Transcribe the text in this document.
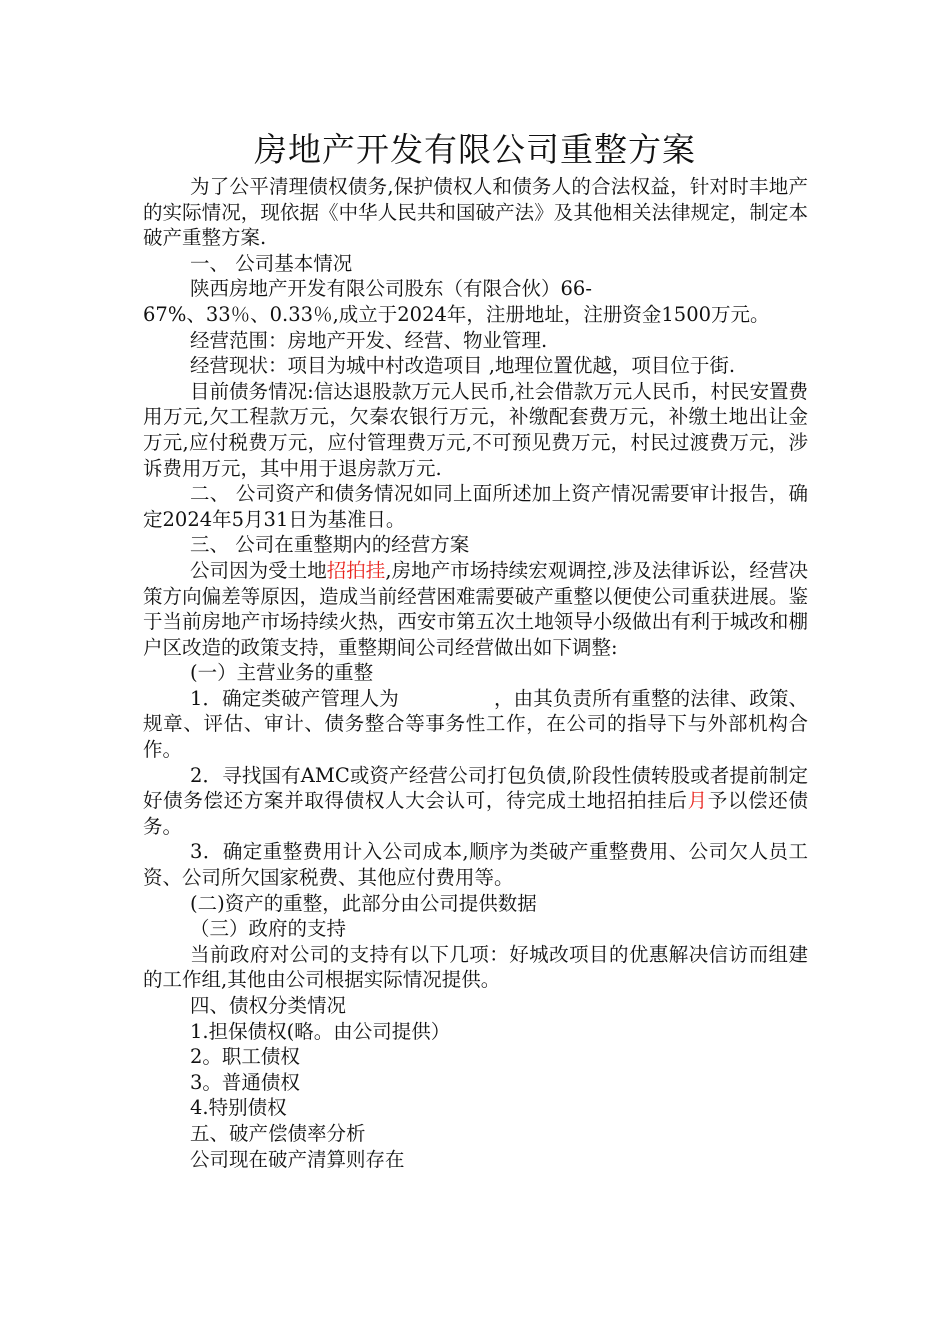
房地产开发有限公司重整方案

为了公平清理债权债务,保护债权人和债务人的合法权益，针对时丰地产的实际情况，现依据《中华人民共和国破产法》及其他相关法律规定，制定本破产重整方案.

一、 公司基本情况

陕西房地产开发有限公司股东（有限合伙）66-

67%、33％、0.33％,成立于2024年，注册地址，注册资金1500万元。

经营范围：房地产开发、经营、物业管理.

经营现状：项目为城中村改造项目 ,地理位置优越，项目位于街.

目前债务情况:信达退股款万元人民币,社会借款万元人民币，村民安置费用万元,欠工程款万元，欠秦农银行万元，补缴配套费万元，补缴土地出让金万元,应付税费万元，应付管理费万元,不可预见费万元，村民过渡费万元，涉诉费用万元，其中用于退房款万元.

二、 公司资产和债务情况如同上面所述加上资产情况需要审计报告，确定2024年5月31日为基准日。

三、 公司在重整期内的经营方案

公司因为受土地招拍挂,房地产市场持续宏观调控,涉及法律诉讼，经营决策方向偏差等原因，造成当前经营困难需要破产重整以便使公司重获进展。鉴于当前房地产市场持续火热，西安市第五次土地领导小级做出有利于城改和棚户区改造的政策支持，重整期间公司经营做出如下调整:

(一）主营业务的重整

1．确定类破产管理人为	，由其负责所有重整的法律、政策、规章、评估、审计、债务整合等事务性工作，在公司的指导下与外部机构合作。

2．寻找国有AMC或资产经营公司打包负债,阶段性债转股或者提前制定好债务偿还方案并取得债权人大会认可，待完成土地招拍挂后月予以偿还债务。

3．确定重整费用计入公司成本,顺序为类破产重整费用、公司欠人员工资、公司所欠国家税费、其他应付费用等。

(二)资产的重整，此部分由公司提供数据

（三）政府的支持

当前政府对公司的支持有以下几项：好城改项目的优惠解决信访而组建的工作组,其他由公司根据实际情况提供。

四、债权分类情况

1.担保债权(略。由公司提供）

2。职工债权

3。普通债权

4.特别债权

五、破产偿债率分析

公司现在破产清算则存在
